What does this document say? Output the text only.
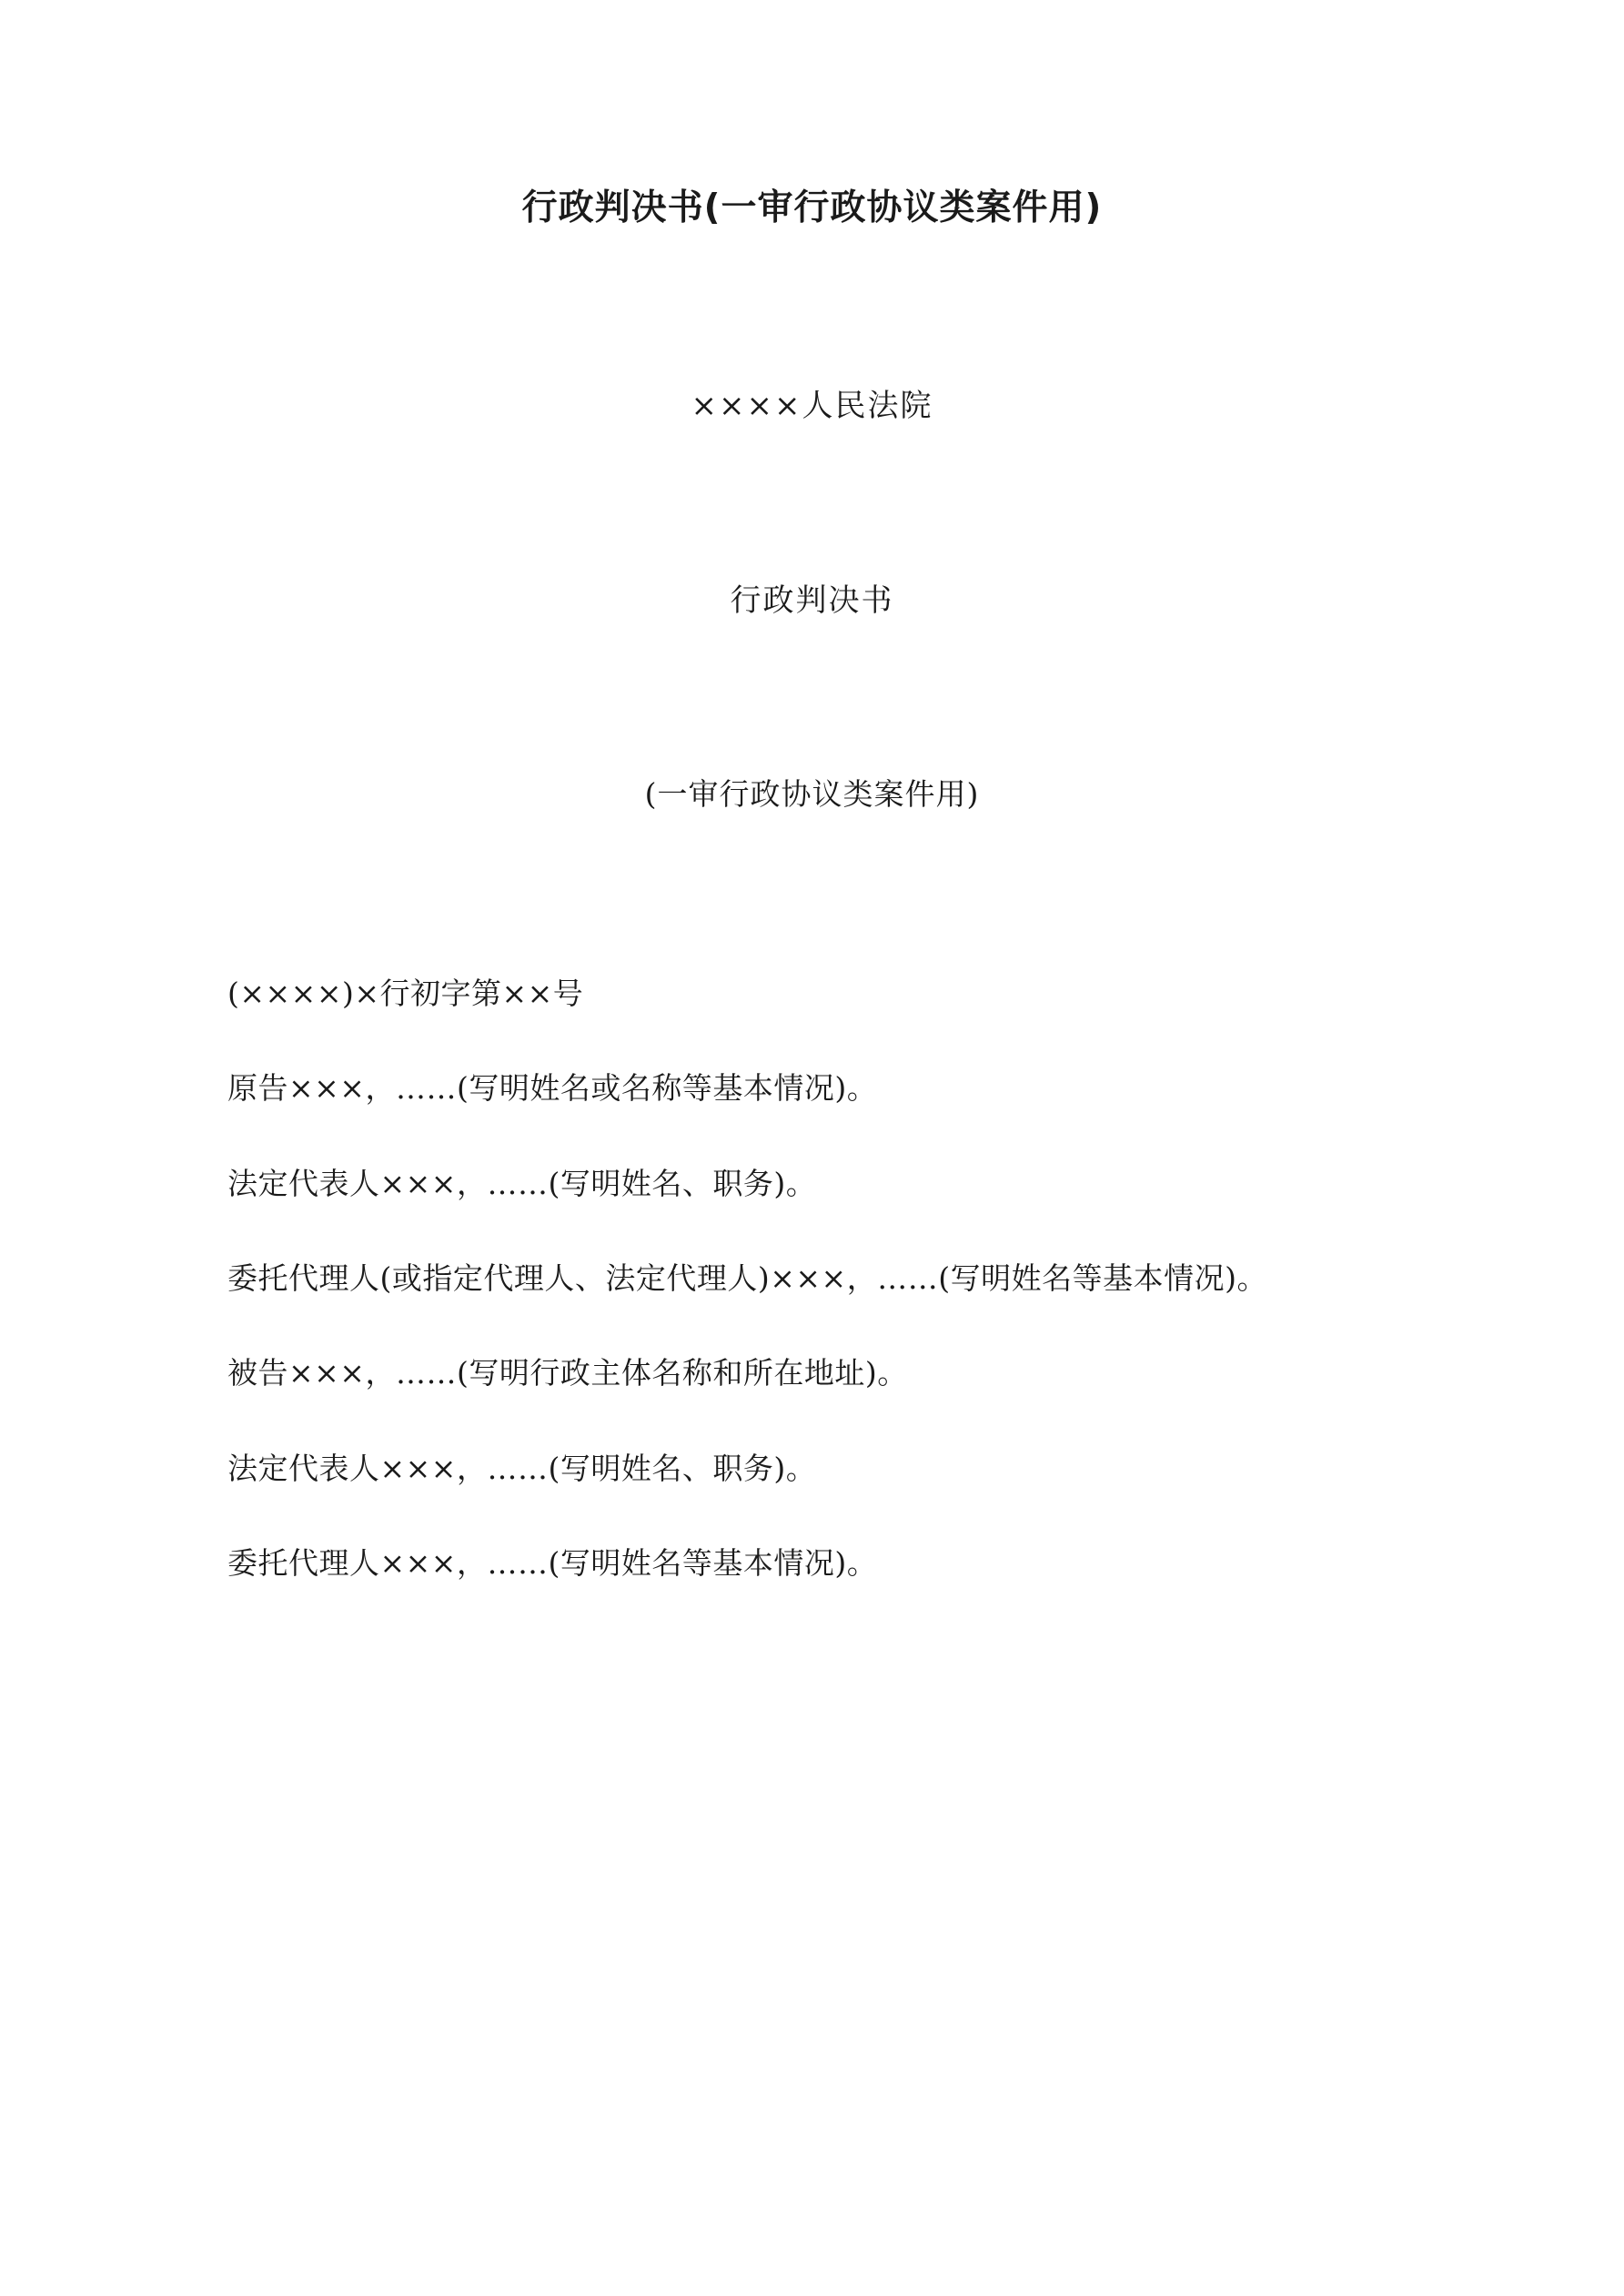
行政判决书(一审行政协议类案件用)

××××人民法院

行政判决书

(一审行政协议类案件用)

(××××)×行初字第××号

原告×××，……(写明姓名或名称等基本情况)。

法定代表人×××，……(写明姓名、职务)。

委托代理人(或指定代理人、法定代理人)×××，……(写明姓名等基本情况)。

被告×××，……(写明行政主体名称和所在地址)。

法定代表人×××，……(写明姓名、职务)。

委托代理人×××，……(写明姓名等基本情况)。
